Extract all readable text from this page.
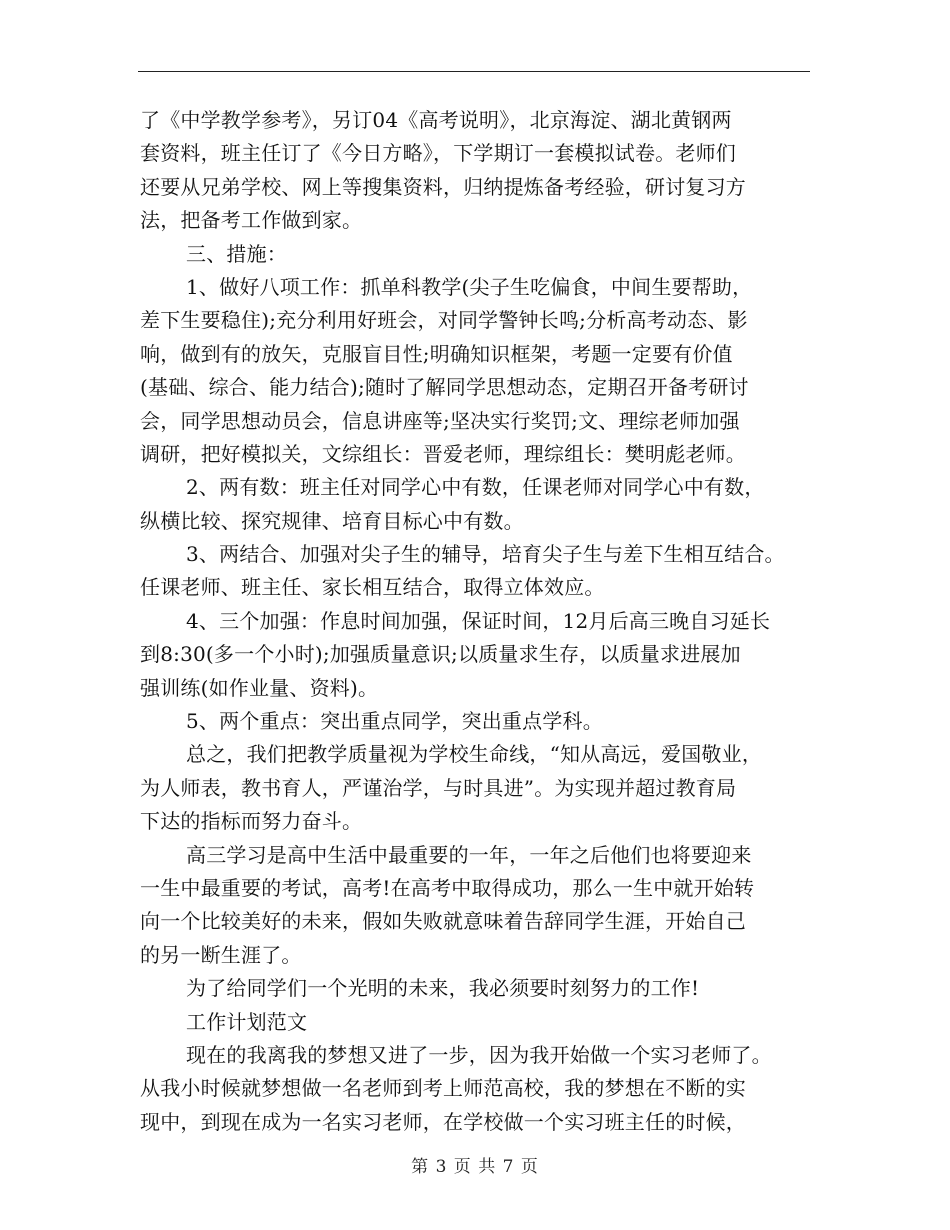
了《中学教学参考》，另订04《高考说明》，北京海淀、湖北黄钢两
套资料，班主任订了《今日方略》，下学期订一套模拟试卷。老师们
还要从兄弟学校、网上等搜集资料，归纳提炼备考经验，研讨复习方
法，把备考工作做到家。
三、措施：
1、做好八项工作：抓单科教学(尖子生吃偏食，中间生要帮助，
差下生要稳住);充分利用好班会，对同学警钟长鸣;分析高考动态、影
响，做到有的放矢，克服盲目性;明确知识框架，考题一定要有价值
(基础、综合、能力结合);随时了解同学思想动态，定期召开备考研讨
会，同学思想动员会，信息讲座等;坚决实行奖罚;文、理综老师加强
调研，把好模拟关，文综组长：晋爱老师，理综组长：樊明彪老师。
2、两有数：班主任对同学心中有数，任课老师对同学心中有数，
纵横比较、探究规律、培育目标心中有数。
3、两结合、加强对尖子生的辅导，培育尖子生与差下生相互结合。
任课老师、班主任、家长相互结合，取得立体效应。
4、三个加强：作息时间加强，保证时间，12月后高三晚自习延长
到8:30(多一个小时);加强质量意识;以质量求生存，以质量求进展加
强训练(如作业量、资料)。
5、两个重点：突出重点同学，突出重点学科。
总之，我们把教学质量视为学校生命线，“知从高远，爱国敬业，
为人师表，教书育人，严谨治学，与时具进”。为实现并超过教育局
下达的指标而努力奋斗。
高三学习是高中生活中最重要的一年，一年之后他们也将要迎来
一生中最重要的考试，高考!在高考中取得成功，那么一生中就开始转
向一个比较美好的未来，假如失败就意味着告辞同学生涯，开始自己
的另一断生涯了。
为了给同学们一个光明的未来，我必须要时刻努力的工作!
工作计划范文
现在的我离我的梦想又进了一步，因为我开始做一个实习老师了。
从我小时候就梦想做一名老师到考上师范高校，我的梦想在不断的实
现中，到现在成为一名实习老师，在学校做一个实习班主任的时候，
第 3 页 共 7 页
